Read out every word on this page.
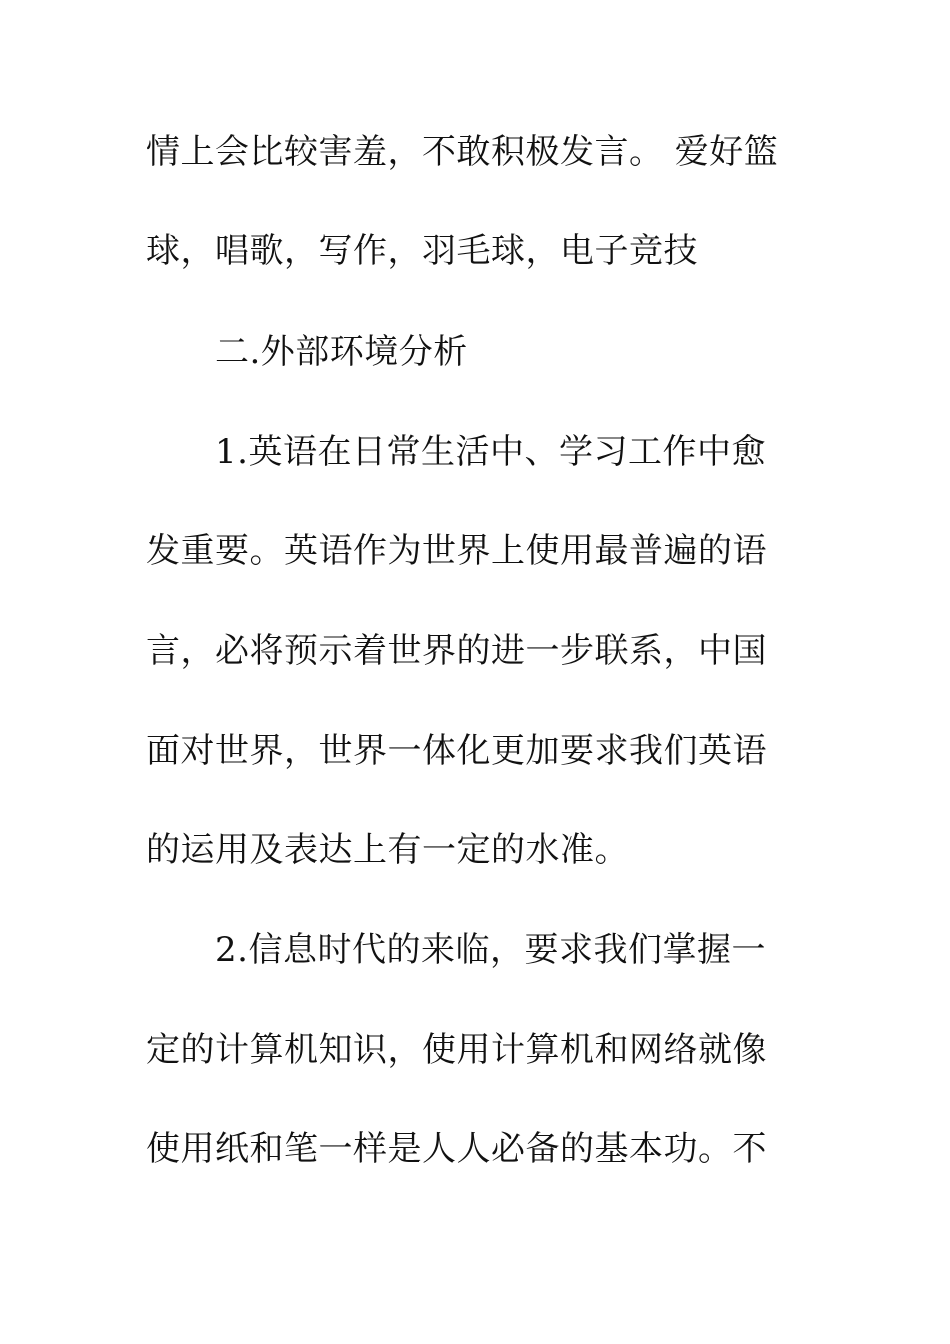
情上会比较害羞，不敢积极发言。 爱好篮
球，唱歌，写作，羽毛球，电子竞技
二.外部环境分析
1.英语在日常生活中、学习工作中愈
发重要。英语作为世界上使用最普遍的语
言，必将预示着世界的进一步联系，中国
面对世界，世界一体化更加要求我们英语
的运用及表达上有一定的水准。
2.信息时代的来临，要求我们掌握一
定的计算机知识，使用计算机和网络就像
使用纸和笔一样是人人必备的基本功。不
